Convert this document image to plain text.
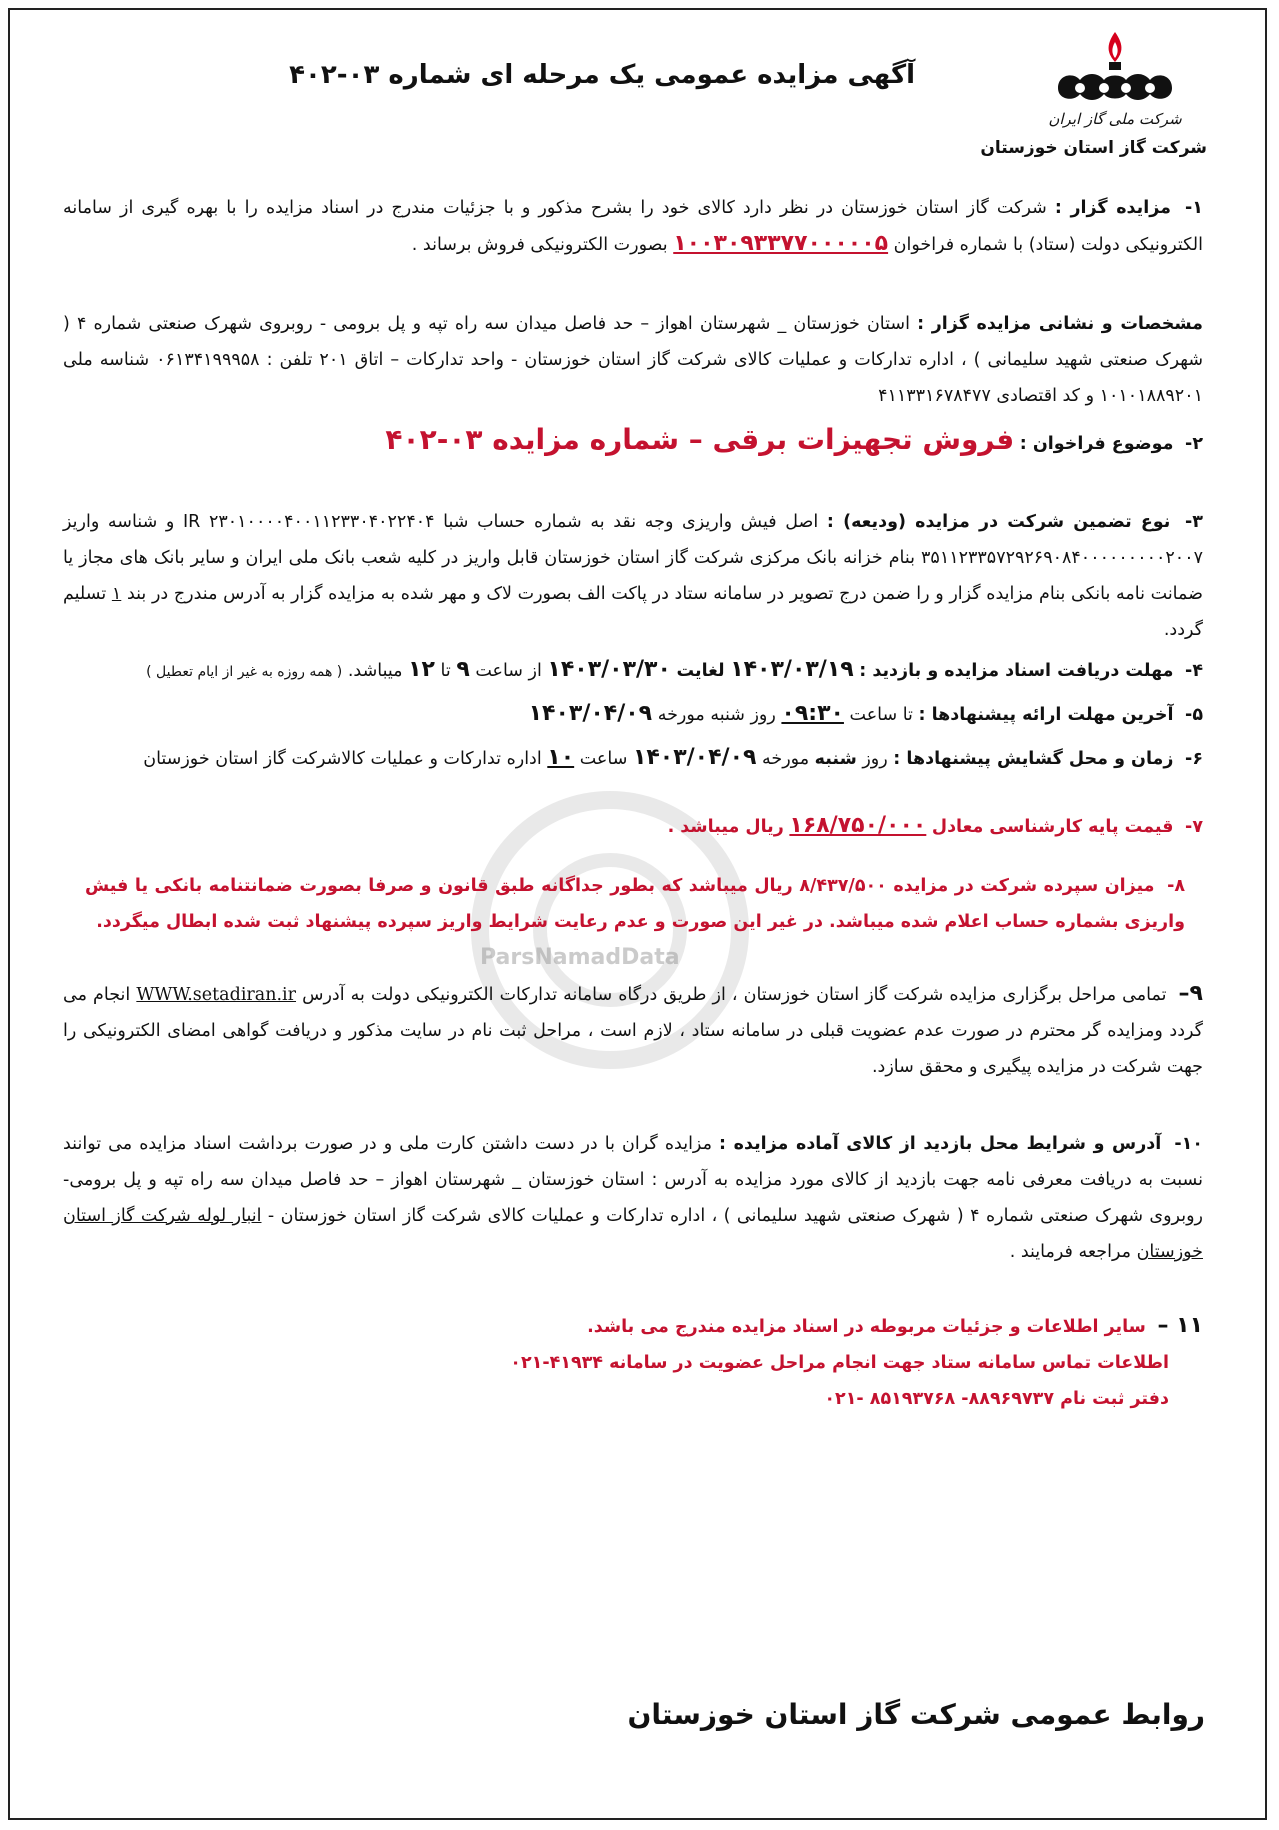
شرکت ملی گاز ایران
شرکت گاز استان خوزستان
آگهی مزایده عمومی یک مرحله ای شماره ۰۳-۴۰۲
ParsNamadData

۱- مزایده گزار : شرکت گاز استان خوزستان در نظر دارد کالای خود را بشرح مذکور و با جزئیات مندرج در اسناد مزایده را با بهره گیری از سامانه الکترونیکی دولت (ستاد) با شماره فراخوان ۱۰۰۳۰۹۳۳۷۷۰۰۰۰۰۵ بصورت الکترونیکی فروش برساند .

مشخصات و نشانی مزایده گزار : استان خوزستان _ شهرستان اهواز – حد فاصل میدان سه راه تپه و پل برومی - روبروی شهرک صنعتی شماره ۴ ( شهرک صنعتی شهید سلیمانی ) ، اداره تدارکات و عملیات کالای شرکت گاز استان خوزستان - واحد تدارکات – اتاق ۲۰۱ تلفن : ۰۶۱۳۴۱۹۹۹۵۸ شناسه ملی ۱۰۱۰۱۸۸۹۲۰۱ و کد اقتصادی ۴۱۱۳۳۱۶۷۸۴۷۷

۲- موضوع فراخوان : فروش تجهیزات برقی – شماره مزایده ۰۳-۴۰۲

۳- نوع تضمین شرکت در مزایده (ودیعه) : اصل فیش واریزی وجه نقد به شماره حساب شبا IR ۲۳۰۱۰۰۰۰۴۰۰۱۱۲۳۳۰۴۰۲۲۴۰۴ و شناسه واریز ۳۵۱۱۲۳۳۵۷۲۹۲۶۹۰۸۴۰۰۰۰۰۰۰۰۰۲۰۰۷ بنام خزانه بانک مرکزی شرکت گاز استان خوزستان قابل واریز در کلیه شعب بانک ملی ایران و سایر بانک های مجاز یا ضمانت نامه بانکی بنام مزایده گزار و را ضمن درج تصویر در سامانه ستاد در پاکت الف بصورت لاک و مهر شده به مزایده گزار به آدرس مندرج در بند ۱ تسلیم گردد.

۴- مهلت دریافت اسناد مزایده و بازدید : ۱۴۰۳/۰۳/۱۹ لغایت ۱۴۰۳/۰۳/۳۰ از ساعت ۹ تا ۱۲ میباشد. ( همه روزه به غیر از ایام تعطیل )

۵- آخرین مهلت ارائه پیشنهادها : تا ساعت ۰۹:۳۰ روز شنبه مورخه ۱۴۰۳/۰۴/۰۹

۶- زمان و محل گشایش پیشنهادها : روز شنبه مورخه ۱۴۰۳/۰۴/۰۹ ساعت ۱۰ اداره تدارکات و عملیات کالاشرکت گاز استان خوزستان

۷- قیمت پایه کارشناسی معادل ۱۶۸/۷۵۰/۰۰۰ ریال میباشد .

۸- میزان سپرده شرکت در مزایده ۸/۴۳۷/۵۰۰ ریال میباشد که بطور جداگانه طبق قانون و صرفا بصورت ضمانتنامه بانکی یا فیش واریزی بشماره حساب اعلام شده میباشد. در غیر این صورت و عدم رعایت شرایط واریز سپرده پیشنهاد ثبت شده ابطال میگردد.

۹– تمامی مراحل برگزاری مزایده شرکت گاز استان خوزستان ، از طریق درگاه سامانه تدارکات الکترونیکی دولت به آدرس WWW.setadiran.ir انجام می گردد ومزایده گر محترم در صورت عدم عضویت قبلی در سامانه ستاد ، لازم است ، مراحل ثبت نام در سایت مذکور و دریافت گواهی امضای الکترونیکی را جهت شرکت در مزایده پیگیری و محقق سازد.

۱۰- آدرس و شرایط محل بازدید از کالای آماده مزایده : مزایده گران با در دست داشتن کارت ملی و در صورت برداشت اسناد مزایده می توانند نسبت به دریافت معرفی نامه جهت بازدید از کالای مورد مزایده به آدرس : استان خوزستان _ شهرستان اهواز – حد فاصل میدان سه راه تپه و پل برومی- روبروی شهرک صنعتی شماره ۴ ( شهرک صنعتی شهید سلیمانی ) ، اداره تدارکات و عملیات کالای شرکت گاز استان خوزستان - انبار لوله شرکت گاز استان خوزستان مراجعه فرمایند .

۱۱ – سایر اطلاعات و جزئیات مربوطه در اسناد مزایده مندرج می باشد.

اطلاعات تماس سامانه ستاد جهت انجام مراحل عضویت در سامانه ۴۱۹۳۴-۰۲۱

دفتر ثبت نام ۸۸۹۶۹۷۳۷- ۸۵۱۹۳۷۶۸ -۰۲۱

روابط عمومی شرکت گاز استان خوزستان
